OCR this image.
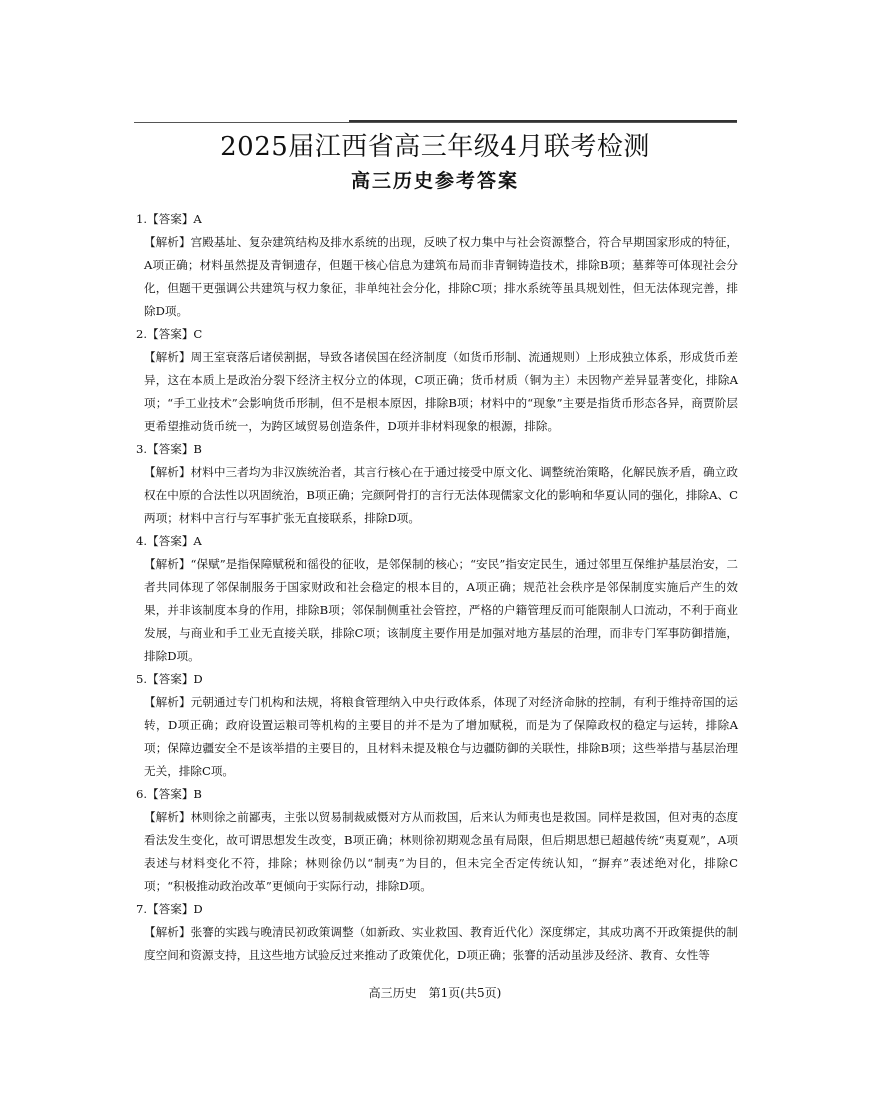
2025届江西省高三年级4月联考检测
高三历史参考答案

1.【答案】A

【解析】宫殿基址、复杂建筑结构及排水系统的出现，反映了权力集中与社会资源整合，符合早期国家形成的特征，A项正确；材料虽然提及青铜遗存，但题干核心信息为建筑布局而非青铜铸造技术，排除B项；墓葬等可体现社会分化，但题干更强调公共建筑与权力象征，非单纯社会分化，排除C项；排水系统等虽具规划性，但无法体现完善，排除D项。

2.【答案】C

【解析】周王室衰落后诸侯割据，导致各诸侯国在经济制度（如货币形制、流通规则）上形成独立体系，形成货币差异，这在本质上是政治分裂下经济主权分立的体现，C项正确；货币材质（铜为主）未因物产差异显著变化，排除A项；“手工业技术”会影响货币形制，但不是根本原因，排除B项；材料中的“现象”主要是指货币形态各异，商贾阶层更希望推动货币统一，为跨区域贸易创造条件，D项并非材料现象的根源，排除。

3.【答案】B

【解析】材料中三者均为非汉族统治者，其言行核心在于通过接受中原文化、调整统治策略，化解民族矛盾，确立政权在中原的合法性以巩固统治，B项正确；完颜阿骨打的言行无法体现儒家文化的影响和华夏认同的强化，排除A、C两项；材料中言行与军事扩张无直接联系，排除D项。

4.【答案】A

【解析】“保赋”是指保障赋税和徭役的征收，是邻保制的核心；“安民”指安定民生，通过邻里互保维护基层治安，二者共同体现了邻保制服务于国家财政和社会稳定的根本目的，A项正确；规范社会秩序是邻保制度实施后产生的效果，并非该制度本身的作用，排除B项；邻保制侧重社会管控，严格的户籍管理反而可能限制人口流动，不利于商业发展，与商业和手工业无直接关联，排除C项；该制度主要作用是加强对地方基层的治理，而非专门军事防御措施，排除D项。

5.【答案】D

【解析】元朝通过专门机构和法规，将粮食管理纳入中央行政体系，体现了对经济命脉的控制，有利于维持帝国的运转，D项正确；政府设置运粮司等机构的主要目的并不是为了增加赋税，而是为了保障政权的稳定与运转，排除A项；保障边疆安全不是该举措的主要目的，且材料未提及粮仓与边疆防御的关联性，排除B项；这些举措与基层治理无关，排除C项。

6.【答案】B

【解析】林则徐之前鄙夷，主张以贸易制裁威慑对方从而救国，后来认为师夷也是救国。同样是救国，但对夷的态度看法发生变化，故可谓思想发生改变，B项正确；林则徐初期观念虽有局限，但后期思想已超越传统“夷夏观”，A项表述与材料变化不符，排除；林则徐仍以“制夷”为目的，但未完全否定传统认知，“摒弃”表述绝对化，排除C项；“积极推动政治改革”更倾向于实际行动，排除D项。

7.【答案】D

【解析】张謇的实践与晚清民初政策调整（如新政、实业救国、教育近代化）深度绑定，其成功离不开政策提供的制度空间和资源支持，且这些地方试验反过来推动了政策优化，D项正确；张謇的活动虽涉及经济、教育、女性等

高三历史　第1页(共5页)
